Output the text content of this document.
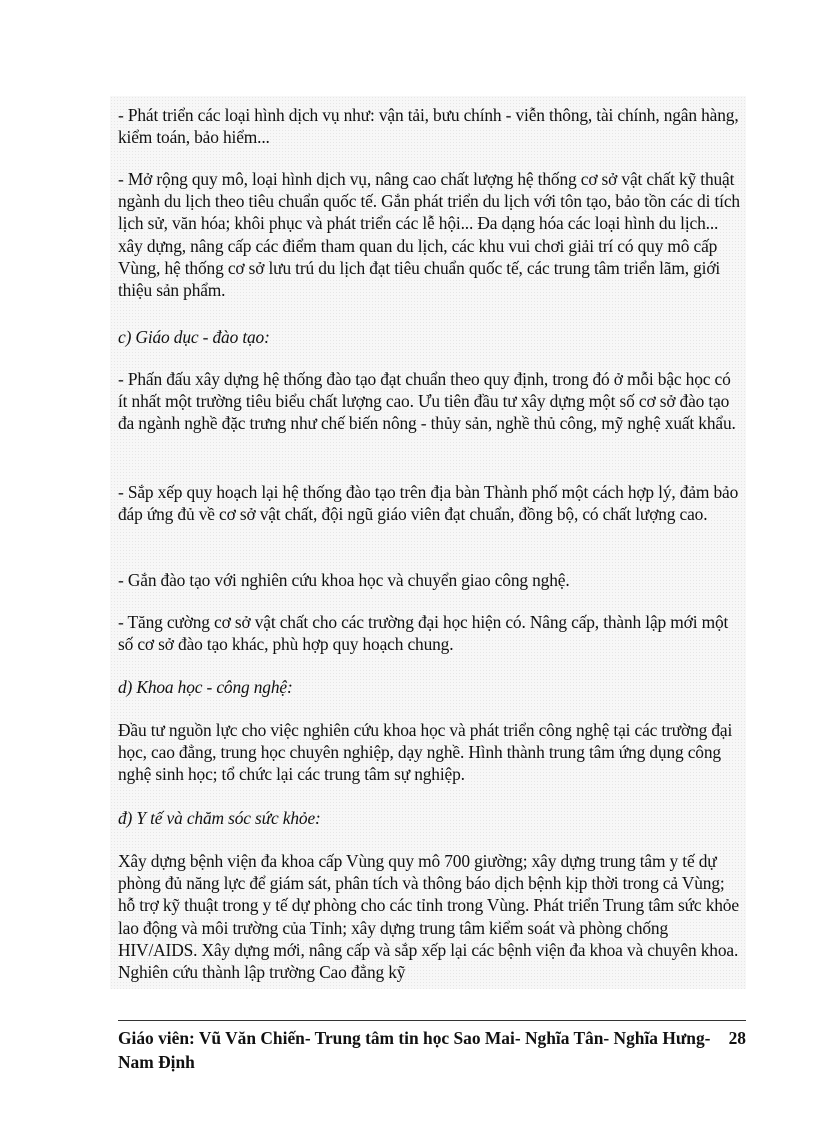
- Phát triển các loại hình dịch vụ như: vận tải, bưu chính - viễn thông, tài chính, ngân hàng, kiểm toán, bảo hiểm...

- Mở rộng quy mô, loại hình dịch vụ, nâng cao chất lượng hệ thống cơ sở vật chất kỹ thuật ngành du lịch theo tiêu chuẩn quốc tế. Gắn phát triển du lịch với tôn tạo, bảo tồn các di tích lịch sử, văn hóa; khôi phục và phát triển các lễ hội... Đa dạng hóa các loại hình du lịch... xây dựng, nâng cấp các điểm tham quan du lịch, các khu vui chơi giải trí có quy mô cấp Vùng, hệ thống cơ sở lưu trú du lịch đạt tiêu chuẩn quốc tế, các trung tâm triển lãm, giới thiệu sản phẩm.

c) Giáo dục - đào tạo:

- Phấn đấu xây dựng hệ thống đào tạo đạt chuẩn theo quy định, trong đó ở mỗi bậc học có ít nhất một trường tiêu biểu chất lượng cao. Ưu tiên đầu tư xây dựng một số cơ sở đào tạo đa ngành nghề đặc trưng như chế biến nông - thủy sản, nghề thủ công, mỹ nghệ xuất khẩu.

- Sắp xếp quy hoạch lại hệ thống đào tạo trên địa bàn Thành phố một cách hợp lý, đảm bảo đáp ứng đủ về cơ sở vật chất, đội ngũ giáo viên đạt chuẩn, đồng bộ, có chất lượng cao.

- Gắn đào tạo với nghiên cứu khoa học và chuyển giao công nghệ.

- Tăng cường cơ sở vật chất cho các trường đại học hiện có. Nâng cấp, thành lập mới một số cơ sở đào tạo khác, phù hợp quy hoạch chung.

d) Khoa học - công nghệ:

Đầu tư nguồn lực cho việc nghiên cứu khoa học và phát triển công nghệ tại các trường đại học, cao đẳng, trung học chuyên nghiệp, dạy nghề. Hình thành trung tâm ứng dụng công nghệ sinh học; tổ chức lại các trung tâm sự nghiệp.

đ) Y tế và chăm sóc sức khỏe:

Xây dựng bệnh viện đa khoa cấp Vùng quy mô 700 giường; xây dựng trung tâm y tế dự phòng đủ năng lực để giám sát, phân tích và thông báo dịch bệnh kịp thời trong cả Vùng; hỗ trợ kỹ thuật trong y tế dự phòng cho các tỉnh trong Vùng. Phát triển Trung tâm sức khỏe lao động và môi trường của Tỉnh; xây dựng trung tâm kiểm soát và phòng chống HIV/AIDS. Xây dựng mới, nâng cấp và sắp xếp lại các bệnh viện đa khoa và chuyên khoa. Nghiên cứu thành lập trường Cao đẳng kỹ

Giáo viên: Vũ Văn Chiến- Trung tâm tin học Sao Mai- Nghĩa Tân- Nghĩa Hưng- Nam Định

28
